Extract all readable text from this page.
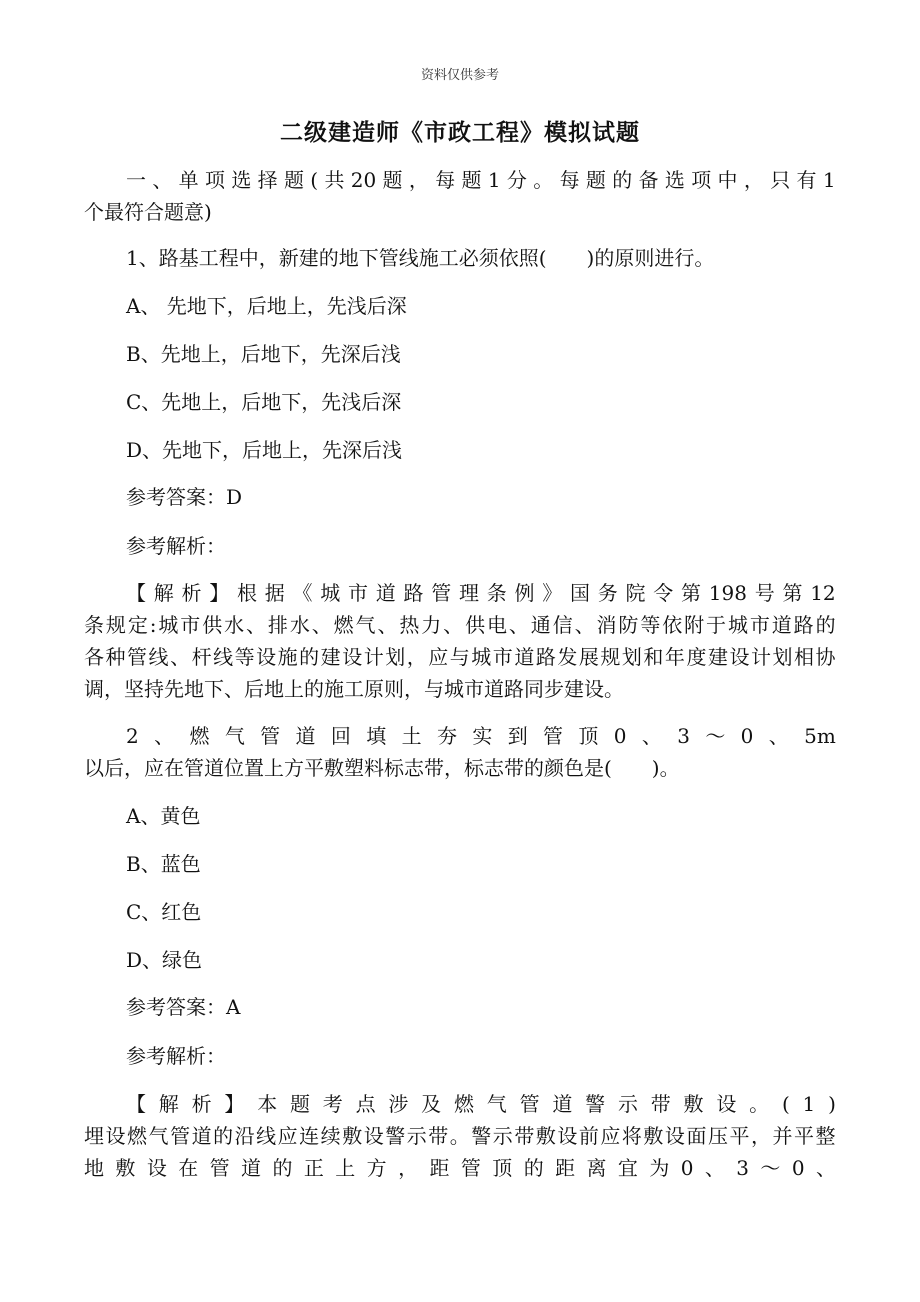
资料仅供参考
二级建造师《市政工程》模拟试题
一 、 单 项 选 择 题 ( 共 20 题 ， 每 题 1 分 。 每 题 的 备 选 项 中 ， 只 有 1
个最符合题意)
1、路基工程中，新建的地下管线施工必须依照(　　)的原则进行。
A、 先地下，后地上，先浅后深
B、先地上，后地下，先深后浅
C、先地上，后地下，先浅后深
D、先地下，后地上，先深后浅
参考答案：D
参考解析：
【 解 析 】 根 据 《 城 市 道 路 管 理 条 例 》 国 务 院 令 第 198 号 第 12
条 规 定 : 城 市 供 水 、 排 水 、 燃 气 、 热 力 、 供 电 、 通 信 、 消 防 等 依 附 于 城 市 道 路 的
各 种 管 线 、 杆 线 等 设 施 的 建 设 计 划 ， 应 与 城 市 道 路 发 展 规 划 和 年 度 建 设 计 划 相 协
调，坚持先地下、后地上的施工原则，与城市道路同步建设。
2 、 燃 气 管 道 回 填 土 夯 实 到 管 顶 0 、 3 ～ 0 、 5m
以后，应在管道位置上方平敷塑料标志带，标志带的颜色是(　　)。
A、黄色
B、蓝色
C、红色
D、绿色
参考答案：A
参考解析：
【 解 析 】 本 题 考 点 涉 及 燃 气 管 道 警 示 带 敷 设 。 ( 1 )
埋 设 燃 气 管 道 的 沿 线 应 连 续 敷 设 警 示 带 。 警 示 带 敷 设 前 应 将 敷 设 面 压 平 ， 并 平 整
地 敷 设 在 管 道 的 正 上 方 ， 距 管 顶 的 距 离 宜 为 0 、 3 ～ 0 、
